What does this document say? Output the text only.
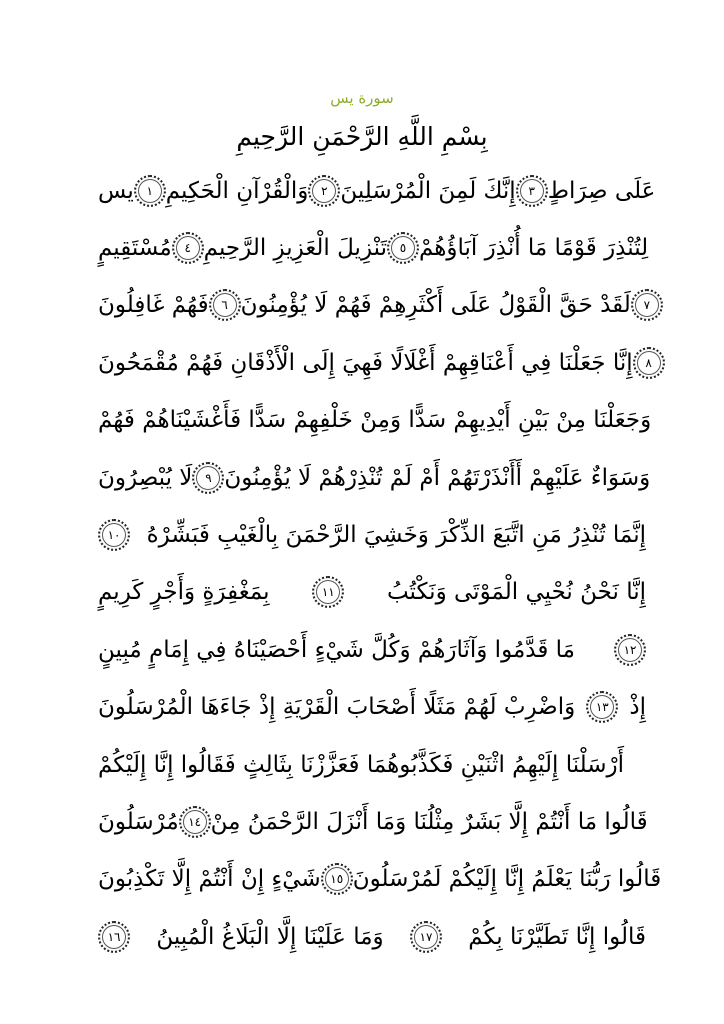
سورة يس
بِسْمِ اللَّهِ الرَّحْمَنِ الرَّحِيمِ
يس	١ وَالْقُرْآنِ الْحَكِيمِ	٢ إِنَّكَ لَمِنَ الْمُرْسَلِينَ	٣ عَلَى صِرَاطٍ
مُسْتَقِيمٍ	٤ تَنْزِيلَ الْعَزِيزِ الرَّحِيمِ	٥ لِتُنْذِرَ قَوْمًا مَا أُنْذِرَ آبَاؤُهُمْ
فَهُمْ غَافِلُونَ	٦ لَقَدْ حَقَّ الْقَوْلُ عَلَى أَكْثَرِهِمْ فَهُمْ لَا يُؤْمِنُونَ	٧
إِنَّا جَعَلْنَا فِي أَعْنَاقِهِمْ أَغْلَالًا فَهِيَ إِلَى الْأَذْقَانِ فَهُمْ مُقْمَحُونَ	٨
وَجَعَلْنَا مِنْ بَيْنِ أَيْدِيهِمْ سَدًّا وَمِنْ خَلْفِهِمْ سَدًّا فَأَغْشَيْنَاهُمْ فَهُمْ
لَا يُبْصِرُونَ	٩ وَسَوَاءٌ عَلَيْهِمْ أَأَنْذَرْتَهُمْ أَمْ لَمْ تُنْذِرْهُمْ لَا يُؤْمِنُونَ
١٠	إِنَّمَا تُنْذِرُ مَنِ اتَّبَعَ الذِّكْرَ وَخَشِيَ الرَّحْمَنَ بِالْغَيْبِ فَبَشِّرْهُ
بِمَغْفِرَةٍ وَأَجْرٍ كَرِيمٍ	١١	إِنَّا نَحْنُ نُحْيِي الْمَوْتَى وَنَكْتُبُ
مَا قَدَّمُوا وَآثَارَهُمْ وَكُلَّ شَيْءٍ أَحْصَيْنَاهُ فِي إِمَامٍ مُبِينٍ	١٢
وَاضْرِبْ لَهُمْ مَثَلًا أَصْحَابَ الْقَرْيَةِ إِذْ جَاءَهَا الْمُرْسَلُونَ	١٣ إِذْ
أَرْسَلْنَا إِلَيْهِمُ اثْنَيْنِ فَكَذَّبُوهُمَا فَعَزَّزْنَا بِثَالِثٍ فَقَالُوا إِنَّا إِلَيْكُمْ
مُرْسَلُونَ ١٤ قَالُوا مَا أَنْتُمْ إِلَّا بَشَرٌ مِثْلُنَا وَمَا أَنْزَلَ الرَّحْمَنُ مِنْ
شَيْءٍ إِنْ أَنْتُمْ إِلَّا تَكْذِبُونَ ١٥ قَالُوا رَبُّنَا يَعْلَمُ إِنَّا إِلَيْكُمْ لَمُرْسَلُونَ
١٦	وَمَا عَلَيْنَا إِلَّا الْبَلَاغُ الْمُبِينُ	١٧	قَالُوا إِنَّا تَطَيَّرْنَا بِكُمْ
